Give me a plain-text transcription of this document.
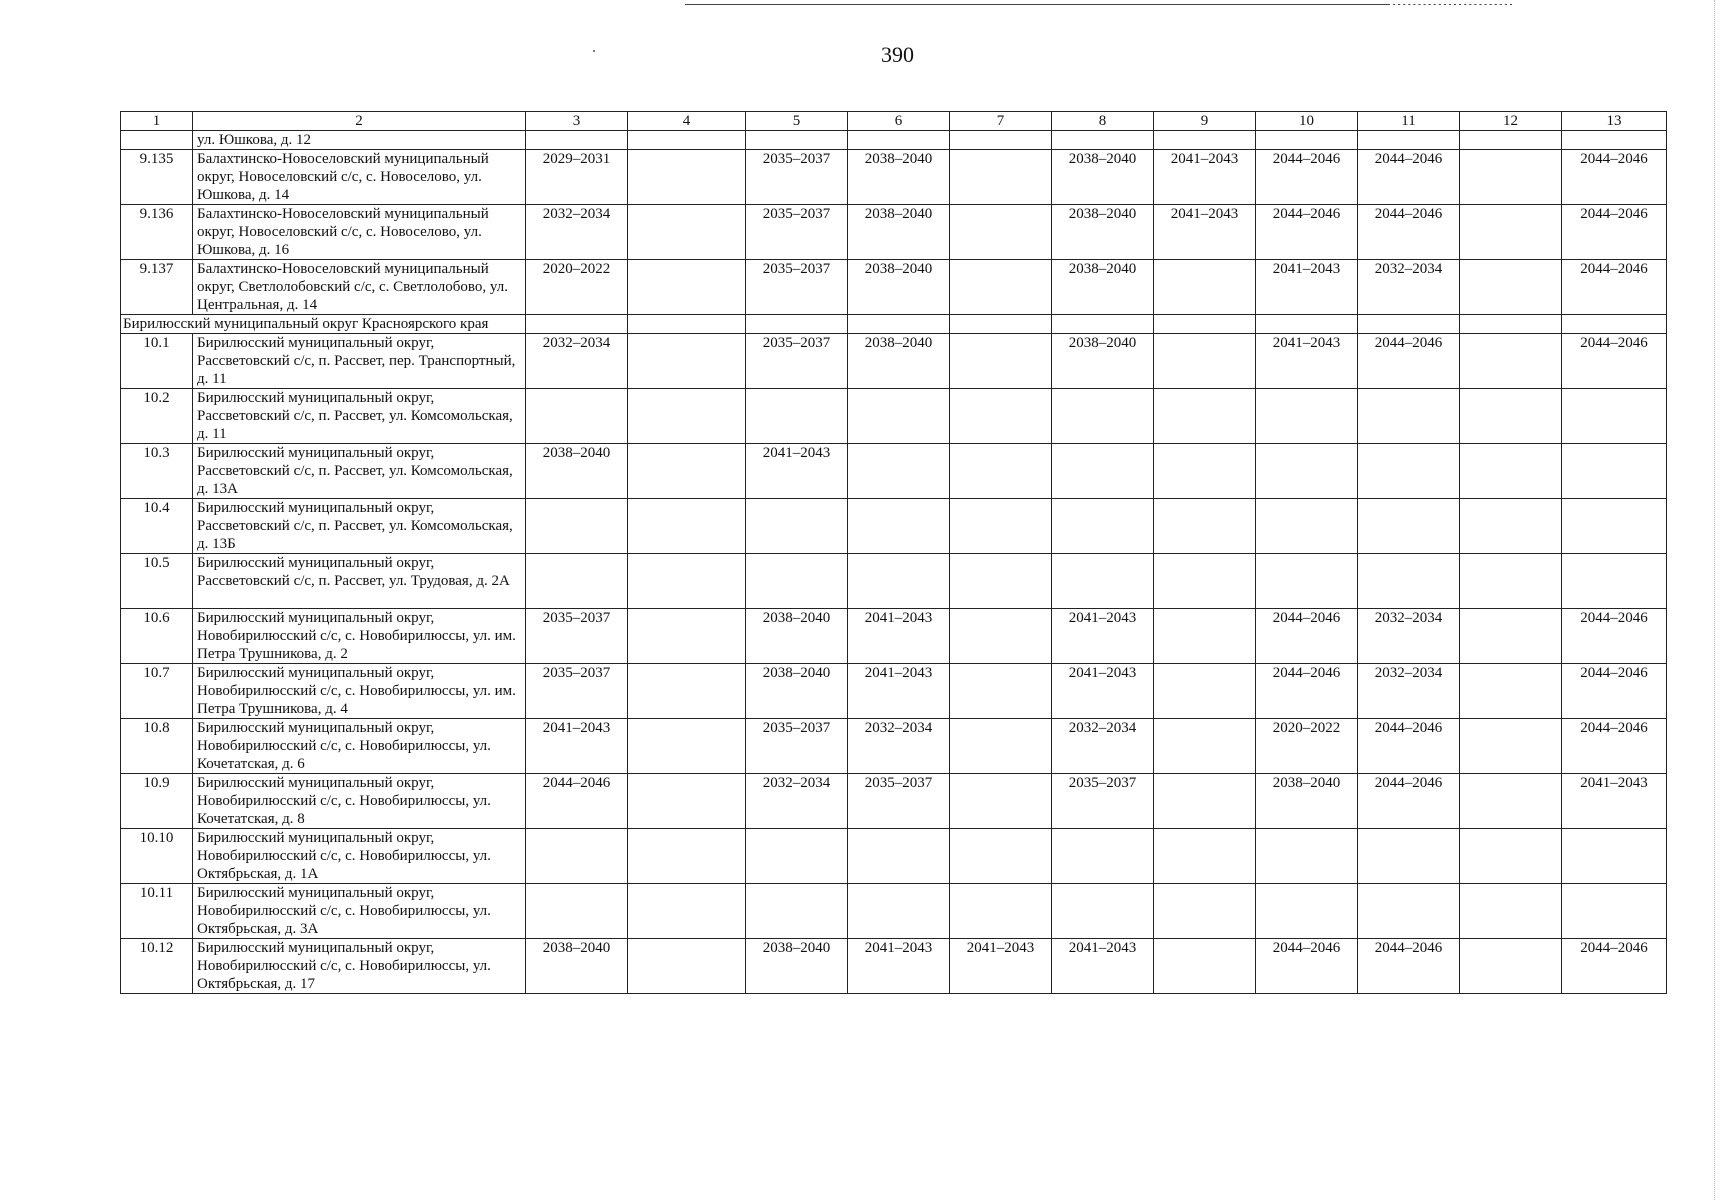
390
1	2	3	4	5	6	7	8	9	10	11	12	13
	ул. Юшкова, д. 12											
9.135	Балахтинско-Новоселовский муниципальный округ, Новоселовский с/с, с. Новоселово, ул. Юшкова, д. 14	2029–2031		2035–2037	2038–2040		2038–2040	2041–2043	2044–2046	2044–2046		2044–2046
9.136	Балахтинско-Новоселовский муниципальный округ, Новоселовский с/с, с. Новоселово, ул. Юшкова, д. 16	2032–2034		2035–2037	2038–2040		2038–2040	2041–2043	2044–2046	2044–2046		2044–2046
9.137	Балахтинско-Новоселовский муниципальный округ, Светлолобовский с/с, с. Светлолобово, ул. Центральная, д. 14	2020–2022		2035–2037	2038–2040		2038–2040		2041–2043	2032–2034		2044–2046
Бирилюсский муниципальный округ Красноярского края												
10.1	Бирилюсский муниципальный округ, Рассветовский с/с, п. Рассвет, пер. Транспортный, д. 11	2032–2034		2035–2037	2038–2040		2038–2040		2041–2043	2044–2046		2044–2046
10.2	Бирилюсский муниципальный округ, Рассветовский с/с, п. Рассвет, ул. Комсомольская, д. 11											
10.3	Бирилюсский муниципальный округ, Рассветовский с/с, п. Рассвет, ул. Комсомольская, д. 13А	2038–2040		2041–2043								
10.4	Бирилюсский муниципальный округ, Рассветовский с/с, п. Рассвет, ул. Комсомольская, д. 13Б											
10.5	Бирилюсский муниципальный округ, Рассветовский с/с, п. Рассвет, ул. Трудовая, д. 2А											
10.6	Бирилюсский муниципальный округ, Новобирилюсский с/с, с. Новобирилюссы, ул. им. Петра Трушникова, д. 2	2035–2037		2038–2040	2041–2043		2041–2043		2044–2046	2032–2034		2044–2046
10.7	Бирилюсский муниципальный округ, Новобирилюсский с/с, с. Новобирилюссы, ул. им. Петра Трушникова, д. 4	2035–2037		2038–2040	2041–2043		2041–2043		2044–2046	2032–2034		2044–2046
10.8	Бирилюсский муниципальный округ, Новобирилюсский с/с, с. Новобирилюссы, ул. Кочетатская, д. 6	2041–2043		2035–2037	2032–2034		2032–2034		2020–2022	2044–2046		2044–2046
10.9	Бирилюсский муниципальный округ, Новобирилюсский с/с, с. Новобирилюссы, ул. Кочетатская, д. 8	2044–2046		2032–2034	2035–2037		2035–2037		2038–2040	2044–2046		2041–2043
10.10	Бирилюсский муниципальный округ, Новобирилюсский с/с, с. Новобирилюссы, ул. Октябрьская, д. 1А											
10.11	Бирилюсский муниципальный округ, Новобирилюсский с/с, с. Новобирилюссы, ул. Октябрьская, д. 3А											
10.12	Бирилюсский муниципальный округ, Новобирилюсский с/с, с. Новобирилюссы, ул. Октябрьская, д. 17	2038–2040		2038–2040	2041–2043	2041–2043	2041–2043		2044–2046	2044–2046		2044–2046
